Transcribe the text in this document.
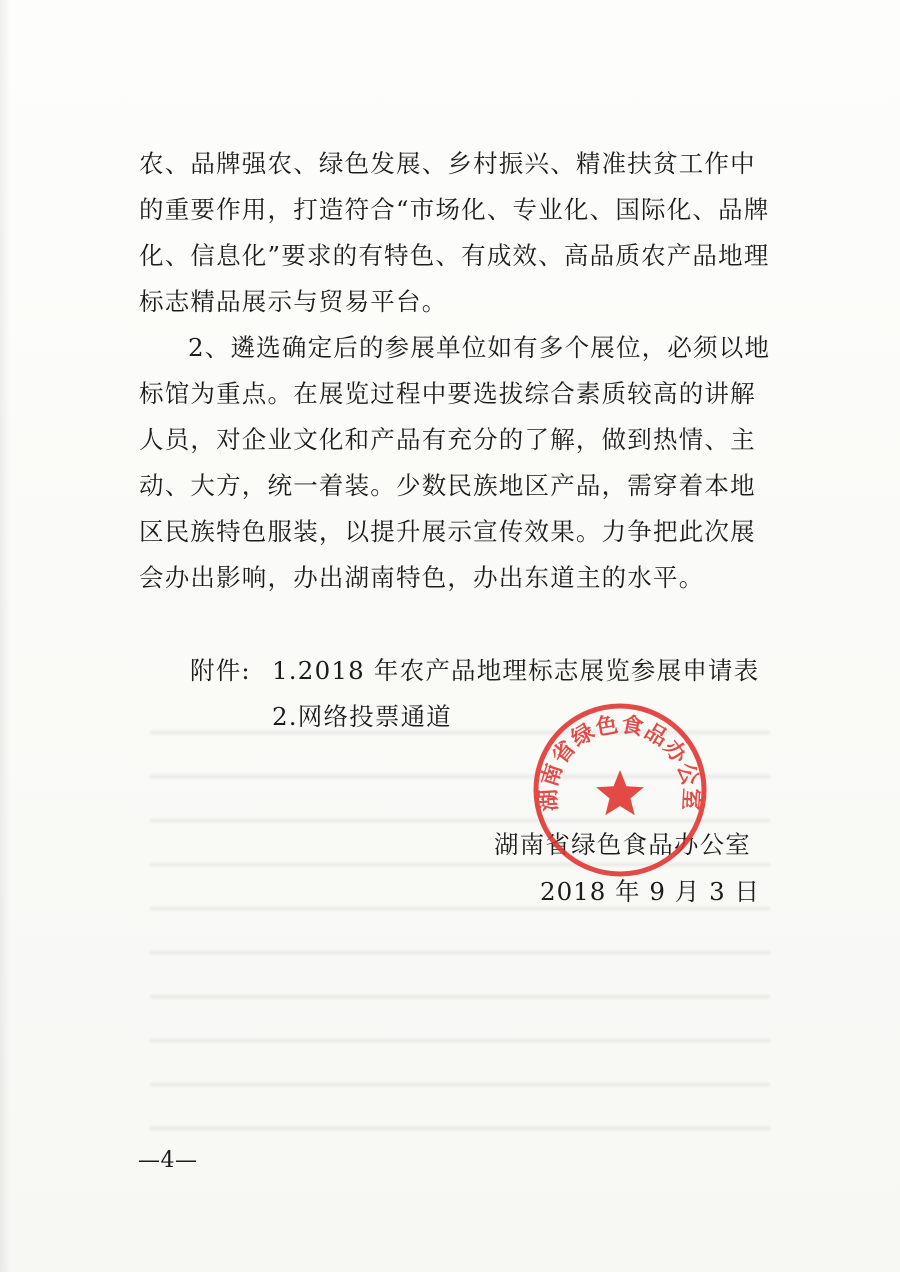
农、品牌强农、绿色发展、乡村振兴、精准扶贫工作中的重要作用，打造符合“市场化、专业化、国际化、品牌化、信息化”要求的有特色、有成效、高品质农产品地理标志精品展示与贸易平台。

2、遴选确定后的参展单位如有多个展位，必须以地标馆为重点。在展览过程中要选拔综合素质较高的讲解人员，对企业文化和产品有充分的了解，做到热情、主动、大方，统一着装。少数民族地区产品，需穿着本地区民族特色服装，以提升展示宣传效果。力争把此次展会办出影响，办出湖南特色，办出东道主的水平。

附件: 1.2018 年农产品地理标志展览参展申请表
2.网络投票通道
湖南省绿色食品办公室
2018 年 9 月 3 日
湖南省绿色食品办公室
—4—
